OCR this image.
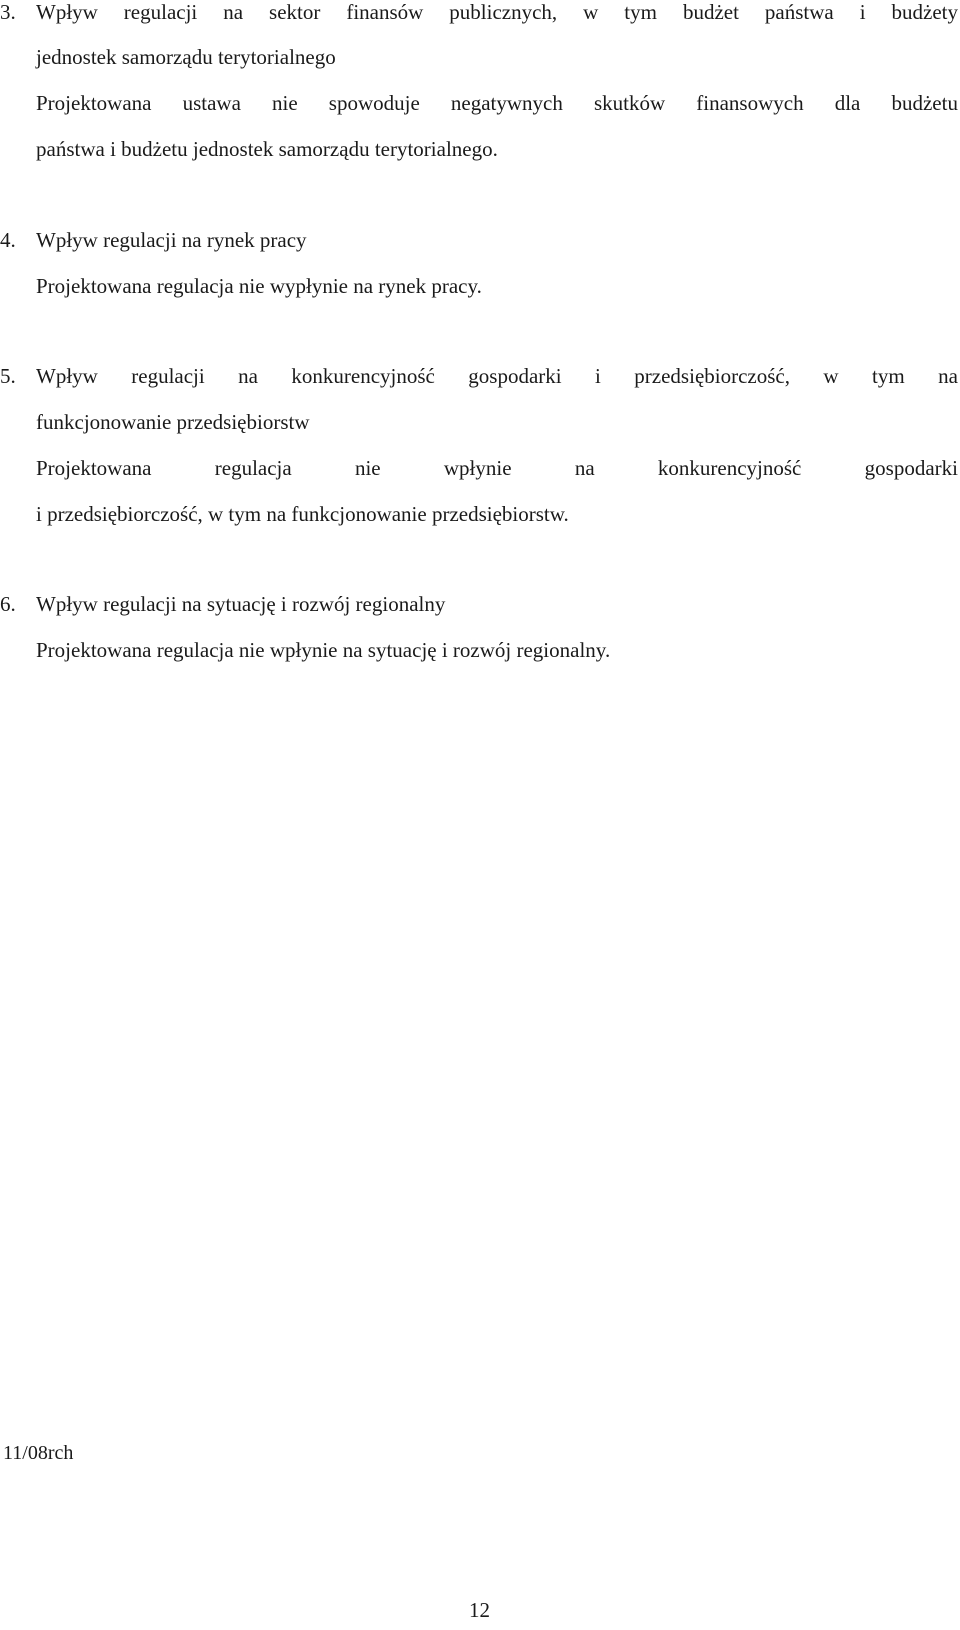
3. Wpływ regulacji na sektor finansów publicznych, w tym budżet państwa i budżety
jednostek samorządu terytorialnego
Projektowana ustawa nie spowoduje negatywnych skutków finansowych dla budżetu
państwa i budżetu jednostek samorządu terytorialnego.
4. Wpływ regulacji na rynek pracy
Projektowana regulacja nie wypłynie na rynek pracy.
5. Wpływ regulacji na konkurencyjność gospodarki i przedsiębiorczość, w tym na
funkcjonowanie przedsiębiorstw
Projektowana	regulacja	nie	wpłynie	na	konkurencyjność	gospodarki
i przedsiębiorczość, w tym na funkcjonowanie przedsiębiorstw.
6. Wpływ regulacji na sytuację i rozwój regionalny
Projektowana regulacja nie wpłynie na sytuację i rozwój regionalny.
11/08rch
12
